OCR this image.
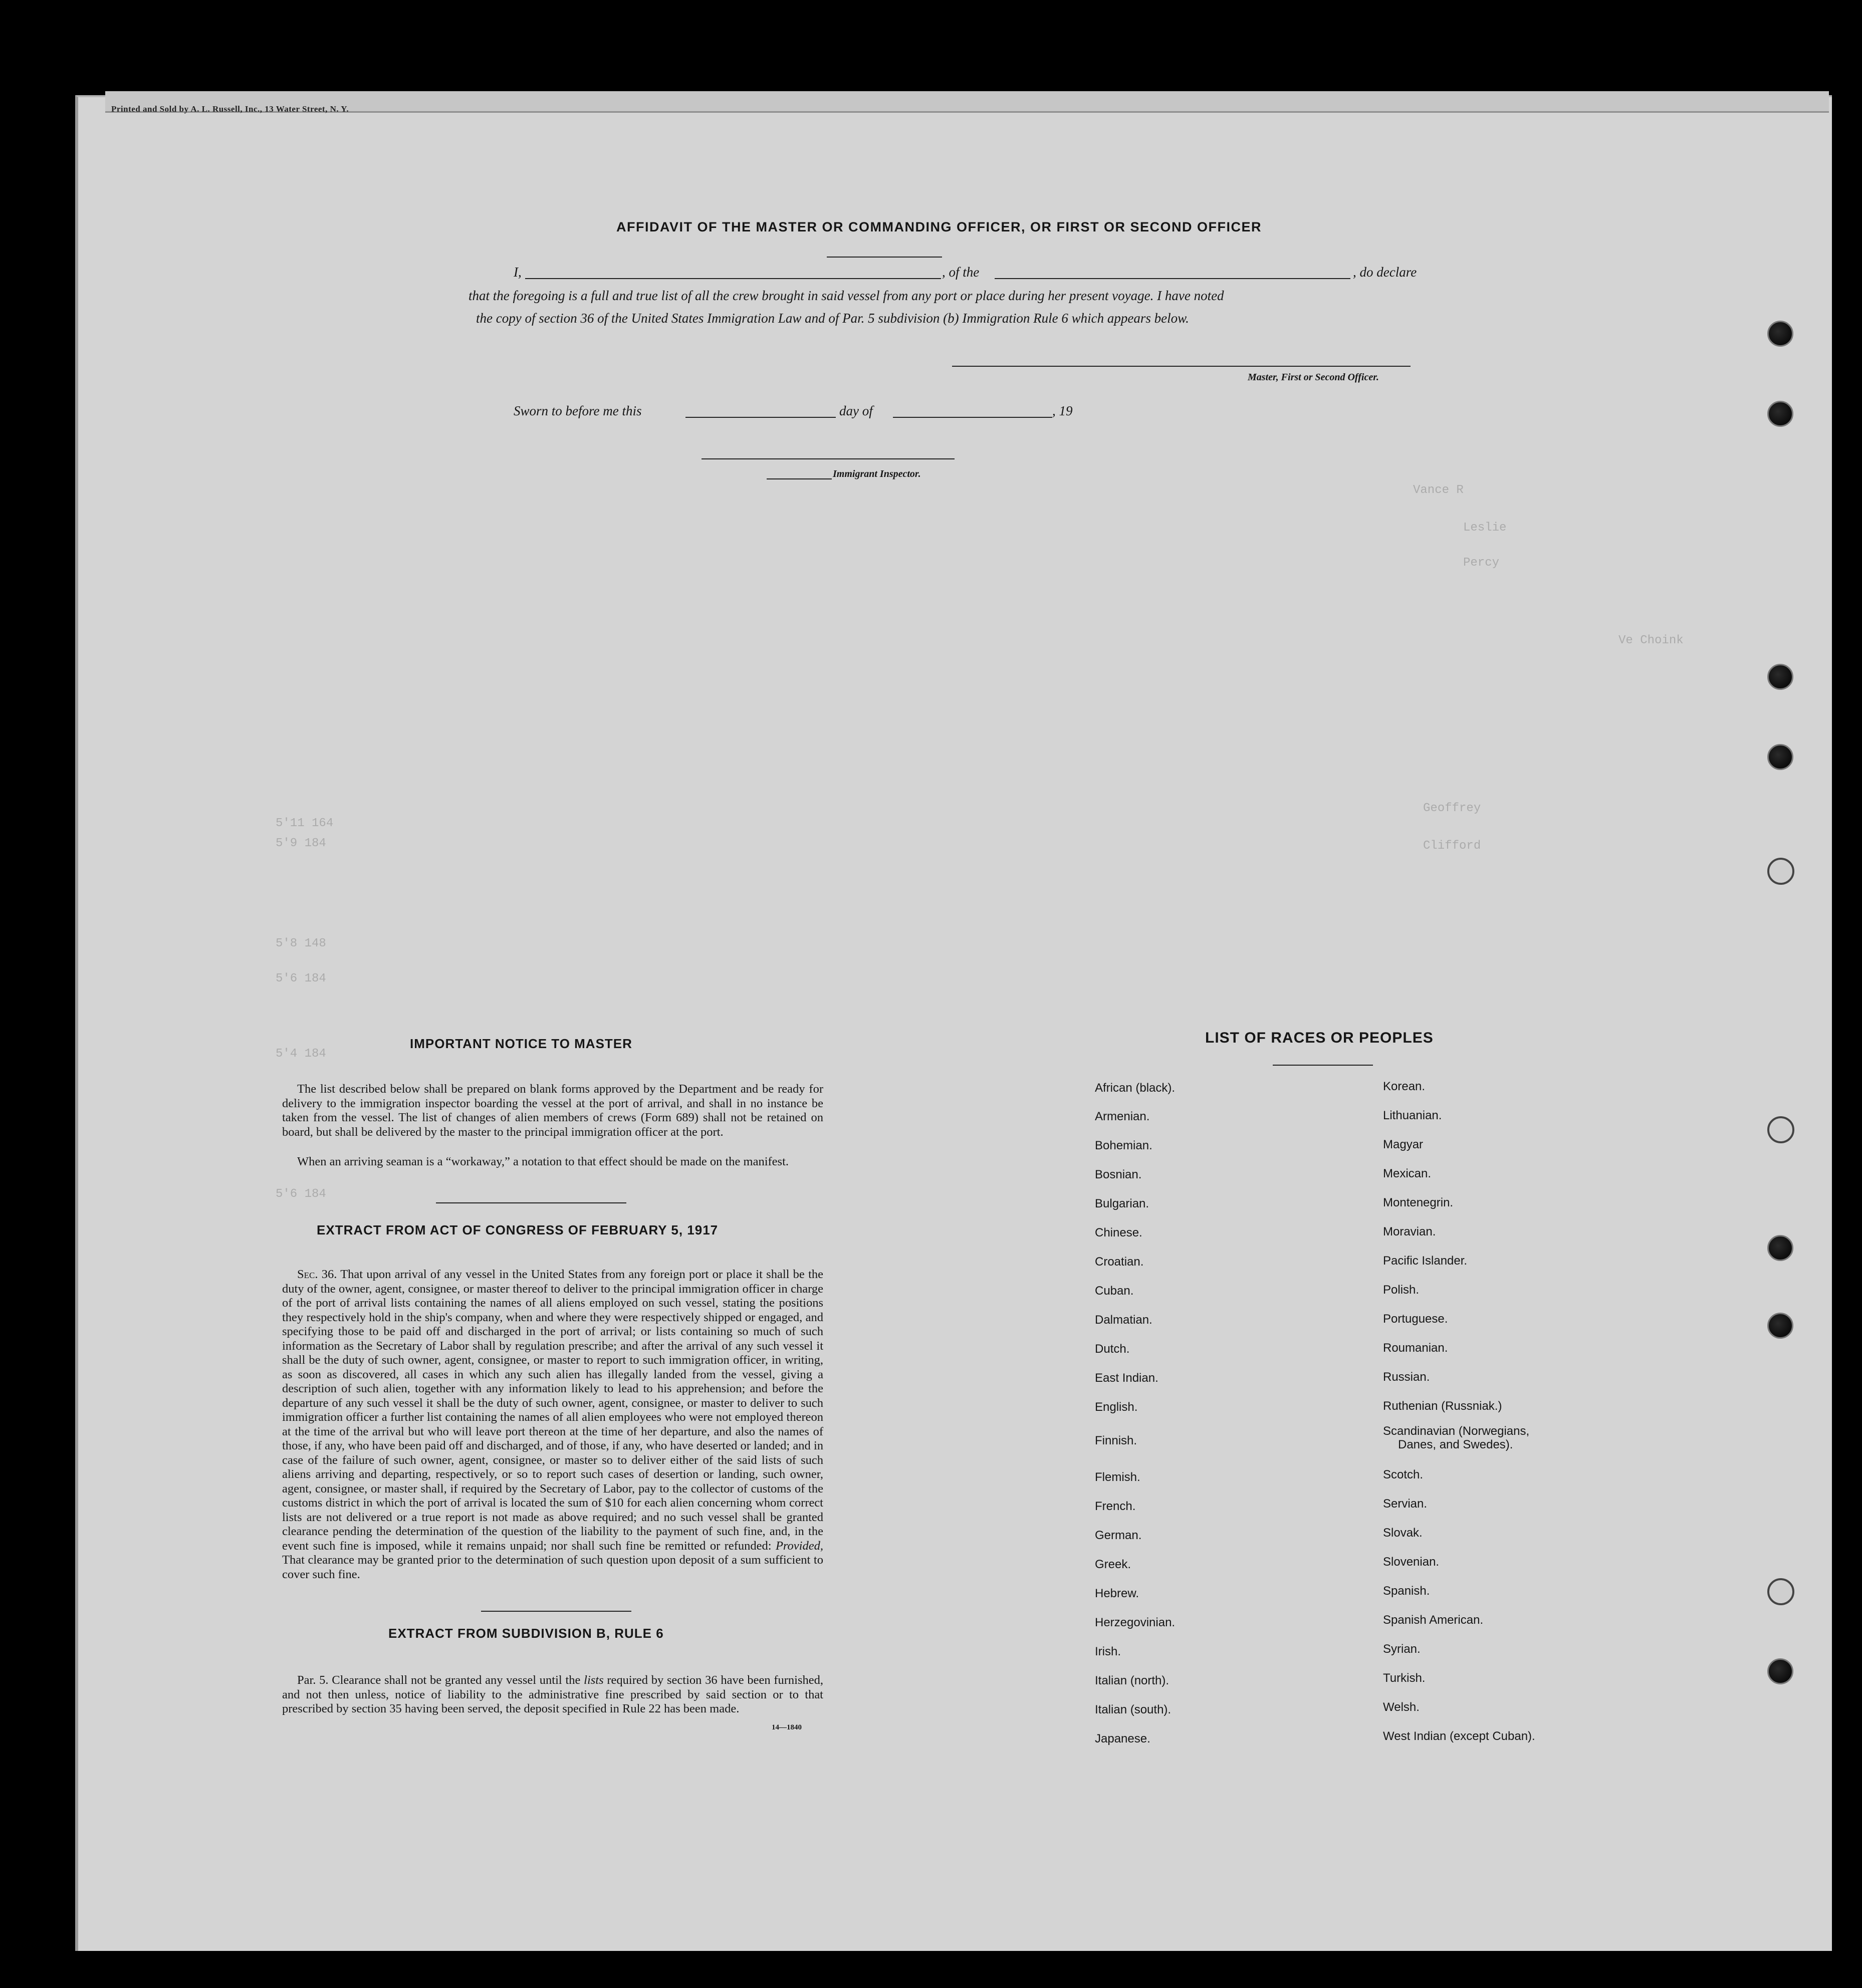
Printed and Sold by A. L. Russell, Inc., 13 Water Street, N. Y.
Vance R
Leslie
Percy
Ve Choink
Geoffrey
Clifford
5'11 164
5'9 184
5'8 148
5'6 184
5'4 184
5'6 184
AFFIDAVIT OF THE MASTER OR COMMANDING OFFICER, OR FIRST OR SECOND OFFICER
I,	, of the	, do declare
that the foregoing is a full and true list of all the crew brought in said vessel from any port or place during her present voyage. I have noted
the copy of section 36 of the United States Immigration Law and of Par. 5 subdivision (b) Immigration Rule 6 which appears below.
Master, First or Second Officer.
Sworn to before me this	day of	, 19
Immigrant Inspector.
IMPORTANT NOTICE TO MASTER
The list described below shall be prepared on blank forms approved by the Department and be ready for delivery to the immigration inspector boarding the vessel at the port of arrival, and shall in no instance be taken from the vessel. The list of changes of alien members of crews (Form 689) shall not be retained on board, but shall be delivered by the master to the principal immigration officer at the port.
When an arriving seaman is a “workaway,” a notation to that effect should be made on the manifest.
EXTRACT FROM ACT OF CONGRESS OF FEBRUARY 5, 1917
Sec. 36. That upon arrival of any vessel in the United States from any foreign port or place it shall be the duty of the owner, agent, consignee, or master thereof to deliver to the principal immigration officer in charge of the port of arrival lists containing the names of all aliens employed on such vessel, stating the positions they respectively hold in the ship's company, when and where they were respectively shipped or engaged, and specifying those to be paid off and discharged in the port of arrival; or lists containing so much of such information as the Secretary of Labor shall by regulation prescribe; and after the arrival of any such vessel it shall be the duty of such owner, agent, consignee, or master to report to such immigration officer, in writing, as soon as discovered, all cases in which any such alien has illegally landed from the vessel, giving a description of such alien, together with any information likely to lead to his apprehension; and before the departure of any such vessel it shall be the duty of such owner, agent, consignee, or master to deliver to such immigration officer a further list containing the names of all alien employees who were not employed thereon at the time of the arrival but who will leave port thereon at the time of her departure, and also the names of those, if any, who have been paid off and discharged, and of those, if any, who have deserted or landed; and in case of the failure of such owner, agent, consignee, or master so to deliver either of the said lists of such aliens arriving and departing, respectively, or so to report such cases of desertion or landing, such owner, agent, consignee, or master shall, if required by the Secretary of Labor, pay to the collector of customs of the customs district in which the port of arrival is located the sum of $10 for each alien concerning whom correct lists are not delivered or a true report is not made as above required; and no such vessel shall be granted clearance pending the determination of the question of the liability to the payment of such fine, and, in the event such fine is imposed, while it remains unpaid; nor shall such fine be remitted or refunded: Provided, That clearance may be granted prior to the determination of such question upon deposit of a sum sufficient to cover such fine.
EXTRACT FROM SUBDIVISION B, RULE 6
Par. 5. Clearance shall not be granted any vessel until the lists required by section 36 have been furnished, and not then unless, notice of liability to the administrative fine prescribed by said section or to that prescribed by section 35 having been served, the deposit specified in Rule 22 has been made.
14—1840
LIST OF RACES OR PEOPLES
African (black).
Armenian.
Bohemian.
Bosnian.
Bulgarian.
Chinese.
Croatian.
Cuban.
Dalmatian.
Dutch.
East Indian.
English.
Finnish.
Flemish.
French.
German.
Greek.
Hebrew.
Herzegovinian.
Irish.
Italian (north).
Italian (south).
Japanese.
Korean.
Lithuanian.
Magyar
Mexican.
Montenegrin.
Moravian.
Pacific Islander.
Polish.
Portuguese.
Roumanian.
Russian.
Ruthenian (Russniak.)
Scandinavian (Norwegians,
Danes, and Swedes).
Scotch.
Servian.
Slovak.
Slovenian.
Spanish.
Spanish American.
Syrian.
Turkish.
Welsh.
West Indian (except Cuban).
